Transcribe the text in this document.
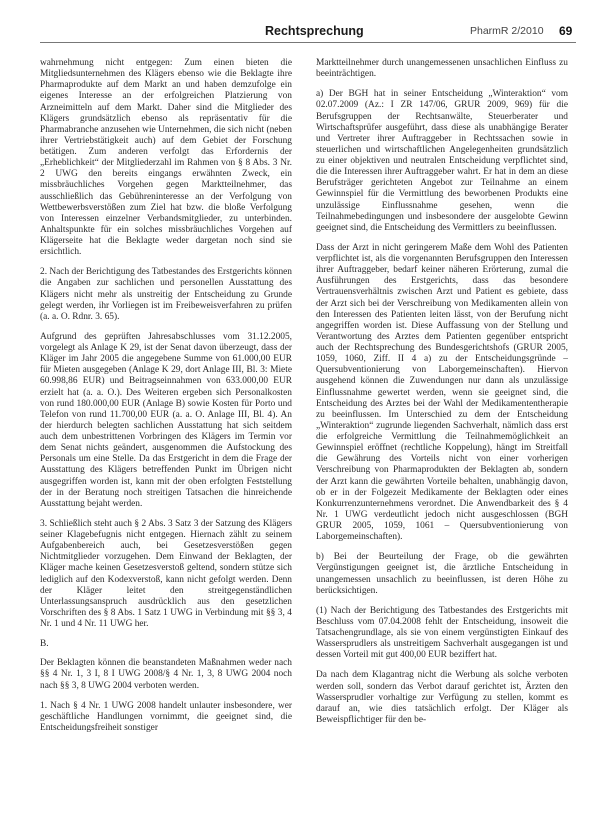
Rechtsprechung	PharmR 2/2010 69

wahrnehmung nicht entgegen: Zum einen bieten die Mitgliedsunternehmen des Klägers ebenso wie die Beklagte ihre Pharmaprodukte auf dem Markt an und haben demzufolge ein eigenes Interesse an der erfolgreichen Platzierung von Arzneimitteln auf dem Markt. Daher sind die Mitglieder des Klägers grundsätzlich ebenso als repräsentativ für die Pharmabranche anzusehen wie Unternehmen, die sich nicht (neben ihrer Vertriebstätigkeit auch) auf dem Gebiet der Forschung betätigen. Zum anderen verfolgt das Erfordernis der „Erheblichkeit“ der Mitgliederzahl im Rahmen von § 8 Abs. 3 Nr. 2 UWG den bereits eingangs erwähnten Zweck, ein missbräuchliches Vorgehen gegen Marktteilnehmer, das ausschließlich das Gebühreninteresse an der Verfolgung von Wettbewerbsverstößen zum Ziel hat bzw. die bloße Verfolgung von Interessen einzelner Verbandsmitglieder, zu unterbinden. Anhaltspunkte für ein solches missbräuchliches Vorgehen auf Klägerseite hat die Beklagte weder dargetan noch sind sie ersichtlich.

2. Nach der Berichtigung des Tatbestandes des Erstgerichts können die Angaben zur sachlichen und personellen Ausstattung des Klägers nicht mehr als unstreitig der Entscheidung zu Grunde gelegt werden, ihr Vorliegen ist im Freibeweisverfahren zu prüfen (a. a. O. Rdnr. 3. 65).

Aufgrund des geprüften Jahresabschlusses vom 31.12.2005, vorgelegt als Anlage K 29, ist der Senat davon überzeugt, dass der Kläger im Jahr 2005 die angegebene Summe von 61.000,00 EUR für Mieten ausgegeben (Anlage K 29, dort Anlage III, Bl. 3: Miete 60.998,86 EUR) und Beitragseinnahmen von 633.000,00 EUR erzielt hat (a. a. O.). Des Weiteren ergeben sich Personalkosten von rund 180.000,00 EUR (Anlage B) sowie Kosten für Porto und Telefon von rund 11.700,00 EUR (a. a. O. Anlage III, Bl. 4). An der hierdurch belegten sachlichen Ausstattung hat sich seitdem auch dem unbestrittenen Vorbringen des Klägers im Termin vor dem Senat nichts geändert, ausgenommen die Aufstockung des Personals um eine Stelle. Da das Erstgericht in dem die Frage der Ausstattung des Klägers betreffenden Punkt im Übrigen nicht ausgegriffen worden ist, kann mit der oben erfolgten Feststellung der in der Beratung noch streitigen Tatsachen die hinreichende Ausstattung bejaht werden.

3. Schließlich steht auch § 2 Abs. 3 Satz 3 der Satzung des Klägers seiner Klagebefugnis nicht entgegen. Hiernach zählt zu seinem Aufgabenbereich auch, bei Gesetzesverstößen gegen Nichtmitglieder vorzugehen. Dem Einwand der Beklagten, der Kläger mache keinen Gesetzesverstoß geltend, sondern stütze sich lediglich auf den Kodexverstoß, kann nicht gefolgt werden. Denn der Kläger leitet den streitgegenständlichen Unterlassungsanspruch ausdrücklich aus den gesetzlichen Vorschriften des § 8 Abs. 1 Satz 1 UWG in Verbindung mit §§ 3, 4 Nr. 1 und 4 Nr. 11 UWG her.

B.

Der Beklagten können die beanstandeten Maßnahmen weder nach §§ 4 Nr. 1, 3 I, 8 I UWG 2008/§ 4 Nr. 1, 3, 8 UWG 2004 noch nach §§ 3, 8 UWG 2004 verboten werden.

1. Nach § 4 Nr. 1 UWG 2008 handelt unlauter insbesondere, wer geschäftliche Handlungen vornimmt, die geeignet sind, die Entscheidungsfreiheit sonstiger

Marktteilnehmer durch unangemessenen unsachlichen Einfluss zu beeinträchtigen.

a) Der BGH hat in seiner Entscheidung „Winteraktion“ vom 02.07.2009 (Az.: I ZR 147/06, GRUR 2009, 969) für die Berufsgruppen der Rechtsanwälte, Steuerberater und Wirtschaftsprüfer ausgeführt, dass diese als unabhängige Berater und Vertreter ihrer Auftraggeber in Rechtssachen sowie in steuerlichen und wirtschaftlichen Angelegenheiten grundsätzlich zu einer objektiven und neutralen Entscheidung verpflichtet sind, die die Interessen ihrer Auftraggeber wahrt. Er hat in dem an diese Berufsträger gerichteten Angebot zur Teilnahme an einem Gewinnspiel für die Vermittlung des beworbenen Produkts eine unzulässige Einflussnahme gesehen, wenn die Teilnahmebedingungen und insbesondere der ausgelobte Gewinn geeignet sind, die Entscheidung des Vermittlers zu beeinflussen.

Dass der Arzt in nicht geringerem Maße dem Wohl des Patienten verpflichtet ist, als die vorgenannten Berufsgruppen den Interessen ihrer Auftraggeber, bedarf keiner näheren Erörterung, zumal die Ausführungen des Erstgerichts, dass das besondere Vertrauensverhältnis zwischen Arzt und Patient es gebiete, dass der Arzt sich bei der Verschreibung von Medikamenten allein von den Interessen des Patienten leiten lässt, von der Berufung nicht angegriffen worden ist. Diese Auffassung von der Stellung und Verantwortung des Arztes dem Patienten gegenüber entspricht auch der Rechtsprechung des Bundesgerichtshofs (GRUR 2005, 1059, 1060, Ziff. II 4 a) zu der Entscheidungsgründe – Quersubventionierung von Laborgemeinschaften). Hiervon ausgehend können die Zuwendungen nur dann als unzulässige Einflussnahme gewertet werden, wenn sie geeignet sind, die Entscheidung des Arztes bei der Wahl der Medikamententherapie zu beeinflussen. Im Unterschied zu dem der Entscheidung „Winteraktion“ zugrunde liegenden Sachverhalt, nämlich dass erst die erfolgreiche Vermittlung die Teilnahmemöglichkeit an Gewinnspiel eröffnet (rechtliche Koppelung), hängt im Streitfall die Gewährung des Vorteils nicht von einer vorherigen Verschreibung von Pharmaprodukten der Beklagten ab, sondern der Arzt kann die gewährten Vorteile behalten, unabhängig davon, ob er in der Folgezeit Medikamente der Beklagten oder eines Konkurrenzunternehmens verordnet. Die Anwendbarkeit des § 4 Nr. 1 UWG verdeutlicht jedoch nicht ausgeschlossen (BGH GRUR 2005, 1059, 1061 – Quersubventionierung von Laborgemeinschaften).

b) Bei der Beurteilung der Frage, ob die gewährten Vergünstigungen geeignet ist, die ärztliche Entscheidung in unangemessen unsachlich zu beeinflussen, ist deren Höhe zu berücksichtigen.

(1) Nach der Berichtigung des Tatbestandes des Erstgerichts mit Beschluss vom 07.04.2008 fehlt der Entscheidung, insoweit die Tatsachengrundlage, als sie von einem vergünstigten Einkauf des Wassersprudlers als unstreitigem Sachverhalt ausgegangen ist und dessen Vorteil mit gut 400,00 EUR beziffert hat.

Da nach dem Klagantrag nicht die Werbung als solche verboten werden soll, sondern das Verbot darauf gerichtet ist, Ärzten den Wassersprudler vorhaltige zur Verfügung zu stellen, kommt es darauf an, wie dies tatsächlich erfolgt. Der Kläger als Beweispflichtiger für den be-
